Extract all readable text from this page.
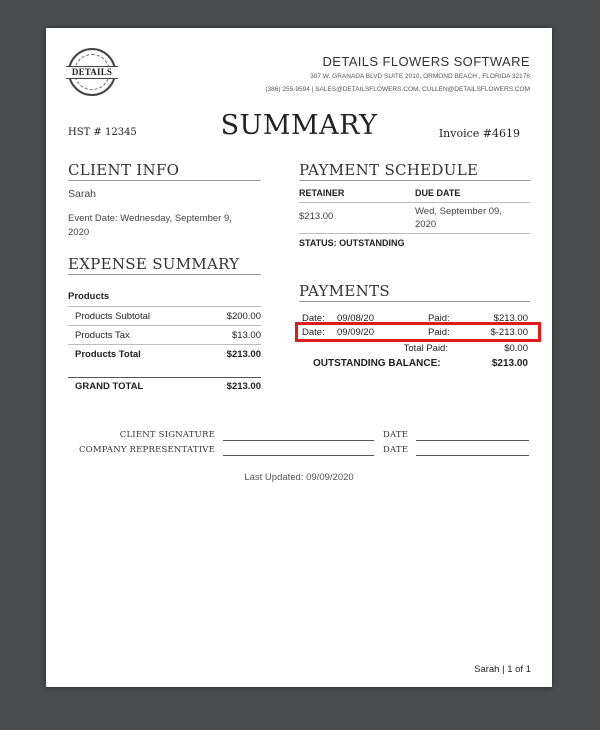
DETAILS
DETAILS FLOWERS SOFTWARE
307 W. GRANADA BLVD SUITE 2010, ORMOND BEACH , FLORIDA 32176
(386) 255-9594 | SALES@DETAILSFLOWERS.COM, CULLEN@DETAILSFLOWERS.COM
HST # 12345	SUMMARY	Invoice #4619
CLIENT INFO
Sarah
Event Date: Wednesday, September 9,
2020
PAYMENT SCHEDULE
RETAINER	DUE DATE
$213.00	Wed, September 09,
2020
STATUS: OUTSTANDING
EXPENSE SUMMARY
Products
Products Subtotal	$200.00
Products Tax	$13.00
Products Total	$213.00
GRAND TOTAL	$213.00
PAYMENTS
Date: 09/08/20	Paid:	$213.00
Date: 09/09/20	Paid:	$-213.00
Total Paid:	$0.00
OUTSTANDING BALANCE:	$213.00
CLIENT SIGNATURE	DATE
COMPANY REPRESENTATIVE	DATE
Last Updated: 09/09/2020
Sarah | 1 of 1
